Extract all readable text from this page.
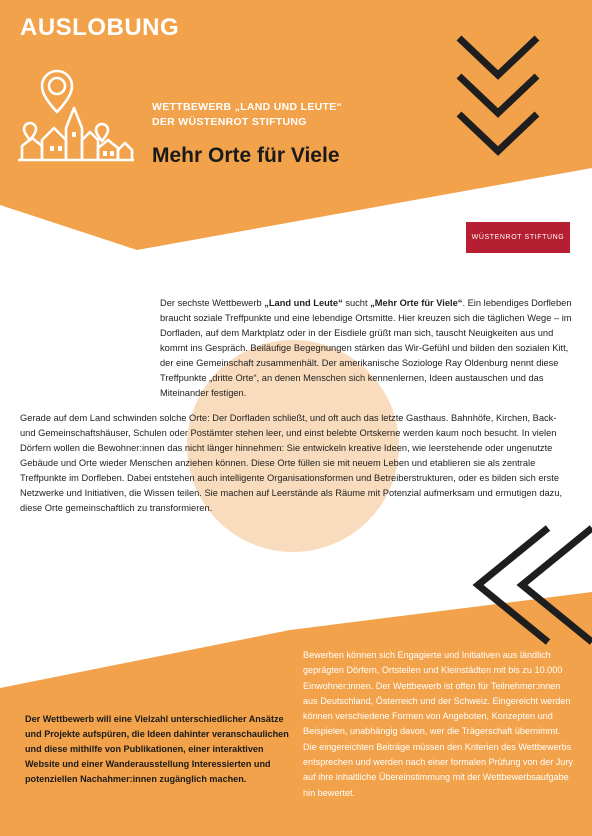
AUSLOBUNG
WETTBEWERB „LAND UND LEUTE“
DER WÜSTENROT STIFTUNG
Mehr Orte für Viele
WÜSTENROT STIFTUNG
Der sechste Wettbewerb „Land und Leute“ sucht „Mehr Orte für Viele“. Ein lebendiges Dorfleben braucht soziale Treffpunkte und eine lebendige Ortsmitte. Hier kreuzen sich die täglichen Wege – im Dorfladen, auf dem Marktplatz oder in der Eisdiele grüßt man sich, tauscht Neuigkeiten aus und kommt ins Gespräch. Beiläufige Begegnungen stärken das Wir-Gefühl und bilden den sozialen Kitt, der eine Gemeinschaft zusammenhält. Der amerikanische Soziologe Ray Oldenburg nennt diese Treffpunkte „dritte Orte“, an denen Menschen sich kennenlernen, Ideen austauschen und das Miteinander festigen.
Gerade auf dem Land schwinden solche Orte: Der Dorfladen schließt, und oft auch das letzte Gasthaus. Bahnhöfe, Kirchen, Back- und Gemeinschaftshäuser, Schulen oder Postämter stehen leer, und einst belebte Ortskerne werden kaum noch besucht. In vielen Dörfern wollen die Bewohner:innen das nicht länger hinnehmen: Sie entwickeln kreative Ideen, wie leerstehende oder ungenutzte Gebäude und Orte wieder Menschen anziehen können. Diese Orte füllen sie mit neuem Leben und etablieren sie als zentrale Treffpunkte im Dorfleben. Dabei entstehen auch intelligente Organisationsformen und Betreiberstrukturen, oder es bilden sich erste Netzwerke und Initiativen, die Wissen teilen. Sie machen auf Leerstände als Räume mit Potenzial aufmerksam und ermutigen dazu, diese Orte gemeinschaftlich zu transformieren.
Bewerben können sich Engagierte und Initiativen aus ländlich geprägten Dörfern, Ortsteilen und Kleinstädten mit bis zu 10.000 Einwohner:innen. Der Wettbewerb ist offen für Teilnehmer:innen aus Deutschland, Österreich und der Schweiz. Eingereicht werden können verschiedene Formen von Angeboten, Konzepten und Beispielen, unabhängig davon, wer die Trägerschaft übernimmt. Die eingereichten Beiträge müssen den Kriterien des Wettbewerbs entsprechen und werden nach einer formalen Prüfung von der Jury auf ihre inhaltliche Übereinstimmung mit der Wettbewerbsaufgabe hin bewertet.
Der Wettbewerb will eine Vielzahl unterschiedlicher Ansätze und Projekte aufspüren, die Ideen dahinter veranschaulichen und diese mithilfe von Publikationen, einer interaktiven Website und einer Wanderausstellung Interessierten und potenziellen Nachahmer:innen zugänglich machen.
